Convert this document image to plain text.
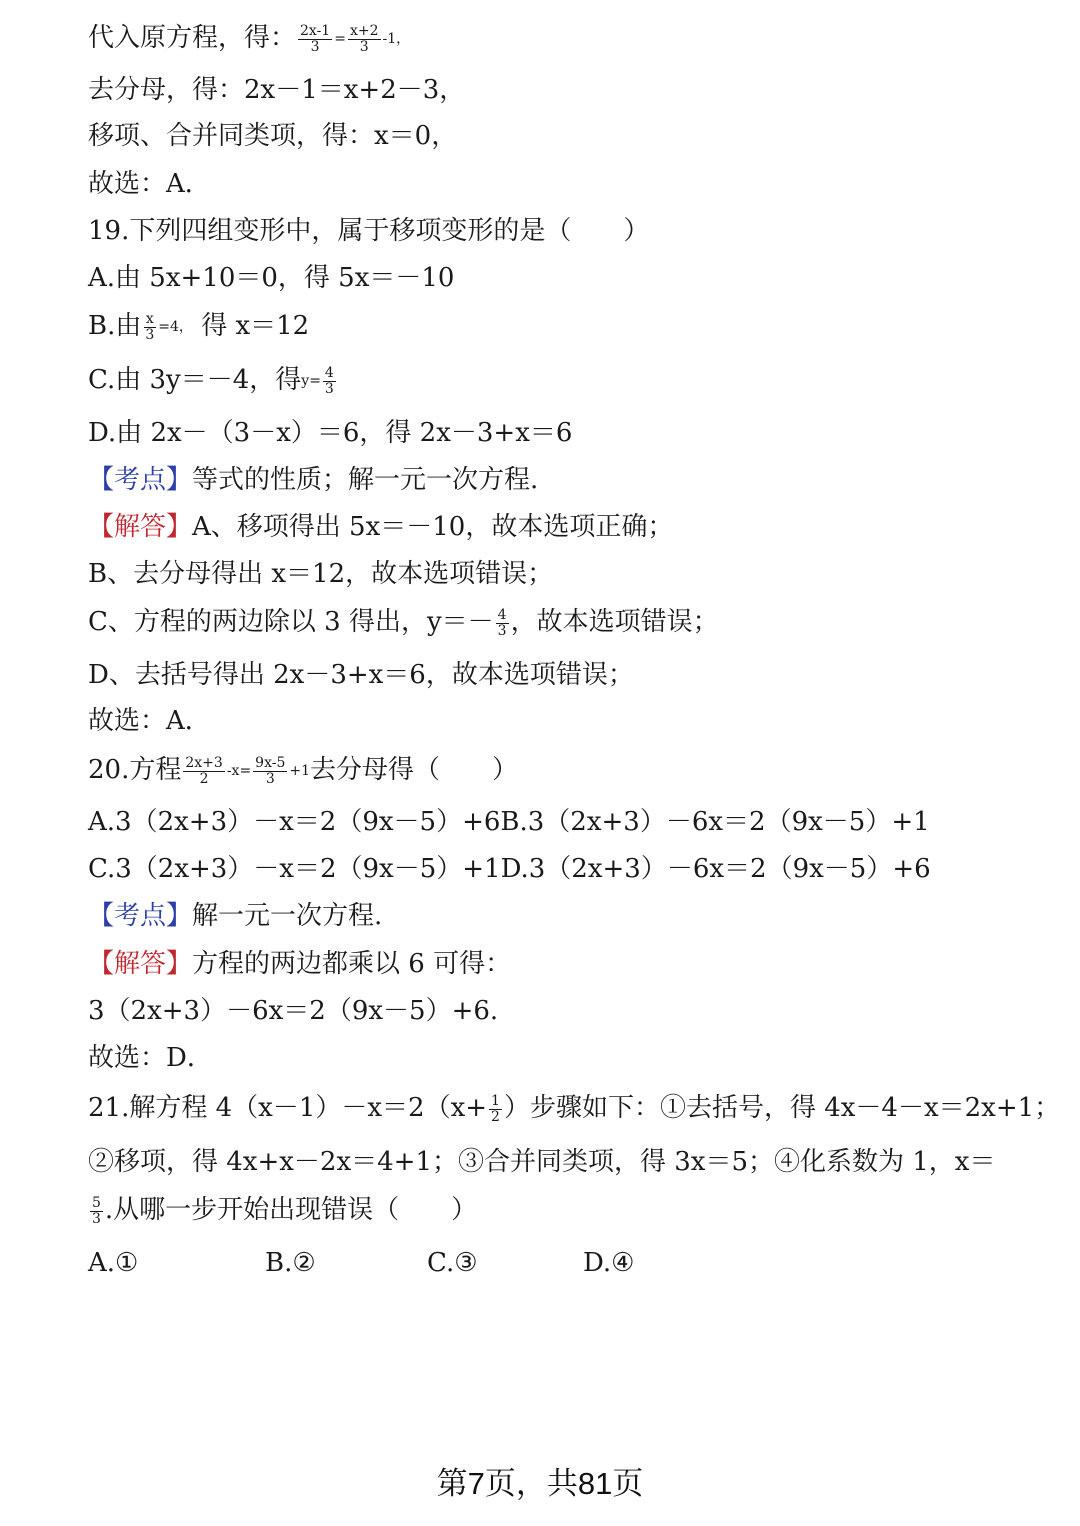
代入原方程，得： $\frac{2x-1}{3} = \frac{x+2}{3} -1$，
去分母，得：2x－1＝x+2－3，
移项、合并同类项，得：x＝0，
故选：A．
19.下列四组变形中，属于移项变形的是（　　）
A.由 5x+10＝0，得 5x＝－10
B.由 $\frac{x}{3} =4$， 得 x＝12
C.由 3y＝－4，得$y= \frac{4}{3}$
D.由 2x－（3－x）＝6，得 2x－3+x＝6
【考点】等式的性质；解一元一次方程.
【解答】A、移项得出 5x＝－10，故本选项正确；
B、去分母得出 x＝12，故本选项错误；
C、方程的两边除以 3 得出，$y=- \frac{4}{3}$ ，故本选项错误；
D、去括号得出 2x－3+x＝6，故本选项错误；
故选：A．
20.方程 $\frac{2x+3}{2} -x= \frac{9x-5}{3} +1$去分母得（　　）
A.3（2x+3）－x＝2（9x－5）+6B.3（2x+3）－6x＝2（9x－5）+1
C.3（2x+3）－x＝2（9x－5）+1D.3（2x+3）－6x＝2（9x－5）+6
【考点】解一元一次方程.
【解答】方程的两边都乘以 6 可得：
3（2x+3）－6x＝2（9x－5）+6.
故选：D．
21.解方程 $4(x-1)-x=2(x+ \frac{1}{2}$ ）步骤如下：①去括号，得 4x－4－x＝2x+1；
②移项，得 4x+x－2x＝4+1；③合并同类项，得 3x＝5；④化系数为 1，x＝
$\frac{5}{3}$ .从哪一步开始出现错误（　　）
A.①	B.②	C.③	D.④
第7页，共81页
